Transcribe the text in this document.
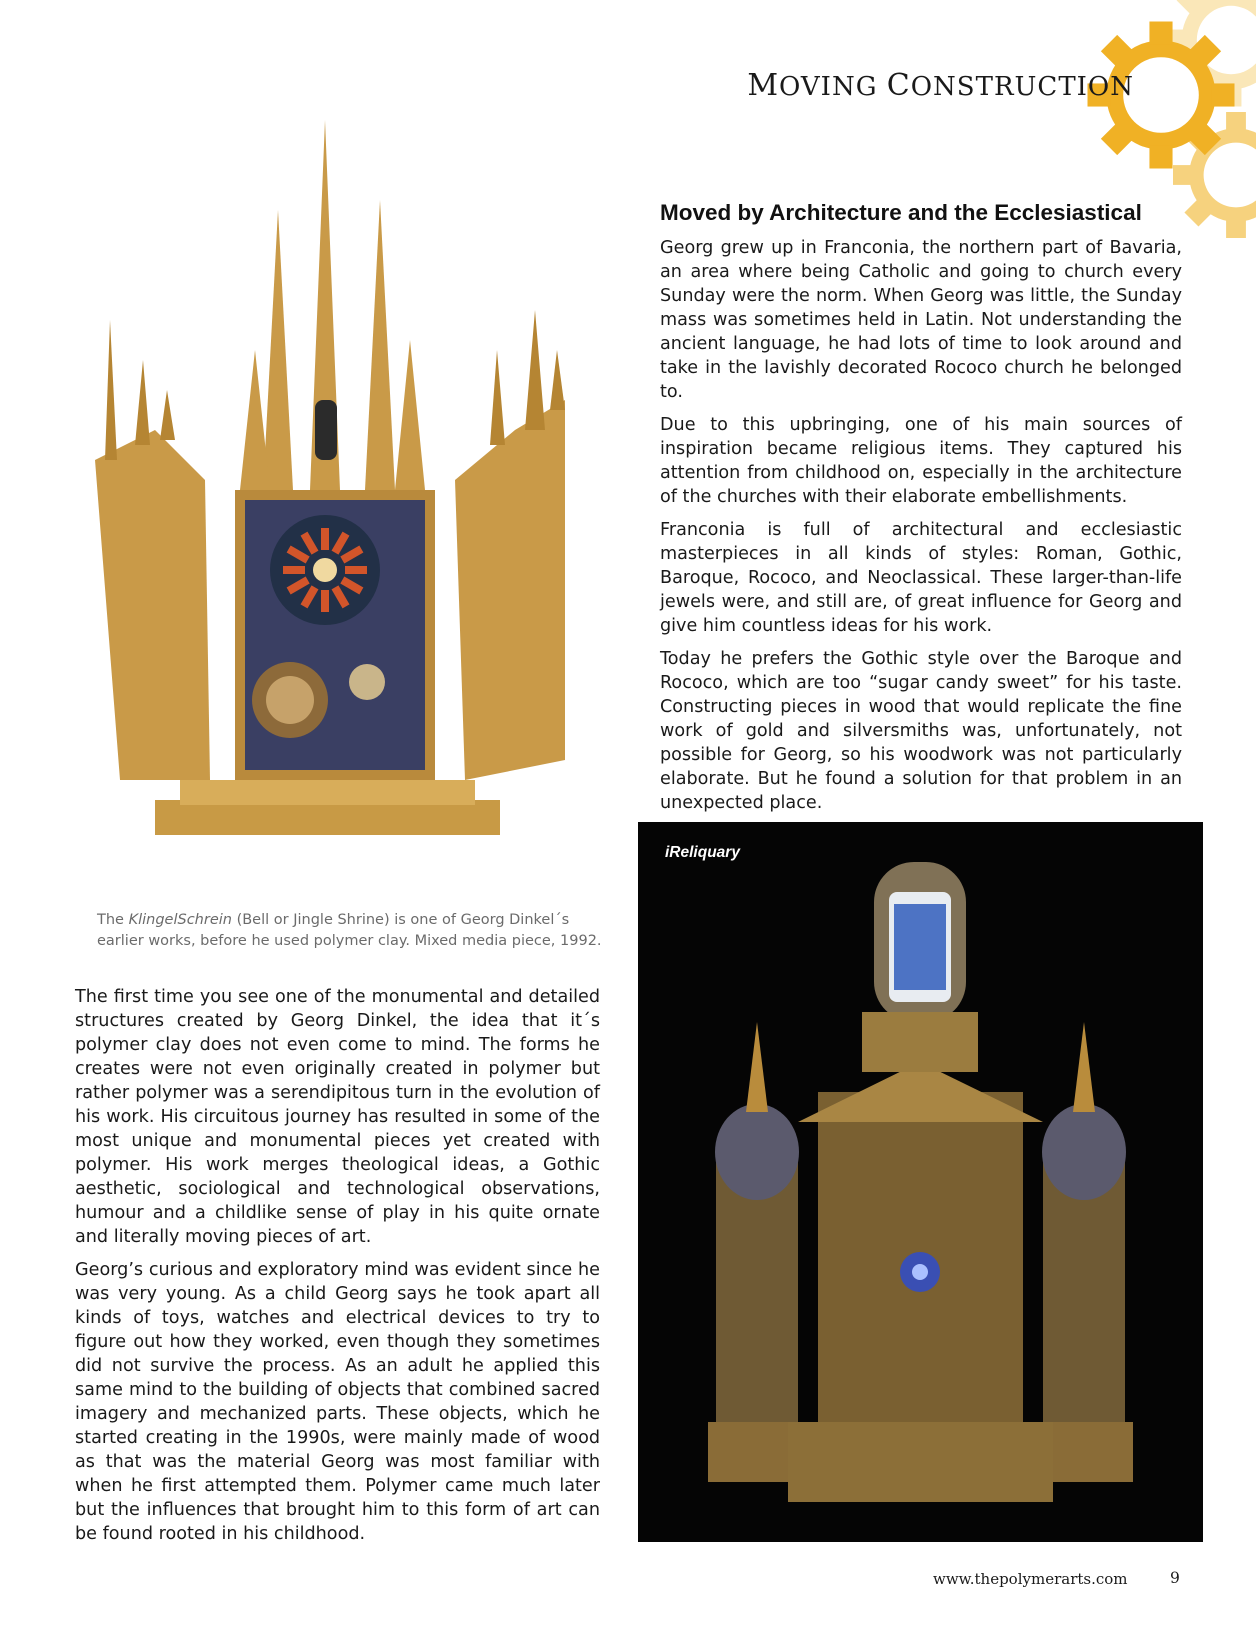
MOVING CONSTRUCTION
The KlingelSchrein (Bell or Jingle Shrine) is one of Georg Dinkel´s earlier works, before he used polymer clay. Mixed media piece, 1992.
Moved by Architecture and the Ecclesiastical

Georg grew up in Franconia, the northern part of Bavaria, an area where being Catholic and going to church every Sunday were the norm. When Georg was little, the Sunday mass was sometimes held in Latin. Not understanding the ancient language, he had lots of time to look around and take in the lavishly decorated Rococo church he belonged to.

Due to this upbringing, one of his main sources of inspiration became religious items. They captured his attention from childhood on, especially in the architecture of the churches with their elaborate embellishments.

Franconia is full of architectural and ecclesiastic masterpieces in all kinds of styles: Roman, Gothic, Baroque, Rococo, and Neoclassical. These larger-than-life jewels were, and still are, of great influence for Georg and give him countless ideas for his work.

Today he prefers the Gothic style over the Baroque and Rococo, which are too “sugar candy sweet” for his taste. Constructing pieces in wood that would replicate the fine work of gold and silversmiths was, unfortunately, not possible for Georg, so his woodwork was not particularly elaborate. But he found a solution for that problem in an unexpected place.

The first time you see one of the monumental and detailed structures created by Georg Dinkel, the idea that it´s polymer clay does not even come to mind. The forms he creates were not even originally created in polymer but rather polymer was a serendipitous turn in the evolution of his work. His circuitous journey has resulted in some of the most unique and monumental pieces yet created with polymer. His work merges theological ideas, a Gothic aesthetic, sociological and technological observations, humour and a childlike sense of play in his quite ornate and literally moving pieces of art.

Georg’s curious and exploratory mind was evident since he was very young. As a child Georg says he took apart all kinds of toys, watches and electrical devices to try to figure out how they worked, even though they sometimes did not survive the process. As an adult he applied this same mind to the building of objects that combined sacred imagery and mechanized parts. These objects, which he started creating in the 1990s, were mainly made of wood as that was the material Georg was most familiar with when he first attempted them. Polymer came much later but the influences that brought him to this form of art can be found rooted in his childhood.

iReliquary
www.thepolymerarts.com	9
